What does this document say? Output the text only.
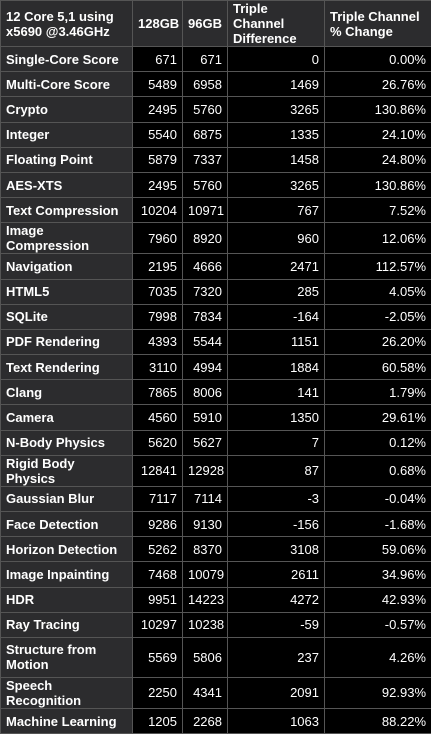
12 Core 5,1 using x5690 @3.46GHz	128GB	96GB	Triple Channel Difference	Triple Channel % Change
Single-Core Score	671	671	0	0.00%
Multi-Core Score	5489	6958	1469	26.76%
Crypto	2495	5760	3265	130.86%
Integer	5540	6875	1335	24.10%
Floating Point	5879	7337	1458	24.80%
AES-XTS	2495	5760	3265	130.86%
Text Compression	10204	10971	767	7.52%
Image Compression	7960	8920	960	12.06%
Navigation	2195	4666	2471	112.57%
HTML5	7035	7320	285	4.05%
SQLite	7998	7834	-164	-2.05%
PDF Rendering	4393	5544	1151	26.20%
Text Rendering	3110	4994	1884	60.58%
Clang	7865	8006	141	1.79%
Camera	4560	5910	1350	29.61%
N-Body Physics	5620	5627	7	0.12%
Rigid Body Physics	12841	12928	87	0.68%
Gaussian Blur	7117	7114	-3	-0.04%
Face Detection	9286	9130	-156	-1.68%
Horizon Detection	5262	8370	3108	59.06%
Image Inpainting	7468	10079	2611	34.96%
HDR	9951	14223	4272	42.93%
Ray Tracing	10297	10238	-59	-0.57%
Structure from Motion	5569	5806	237	4.26%
Speech Recognition	2250	4341	2091	92.93%
Machine Learning	1205	2268	1063	88.22%
